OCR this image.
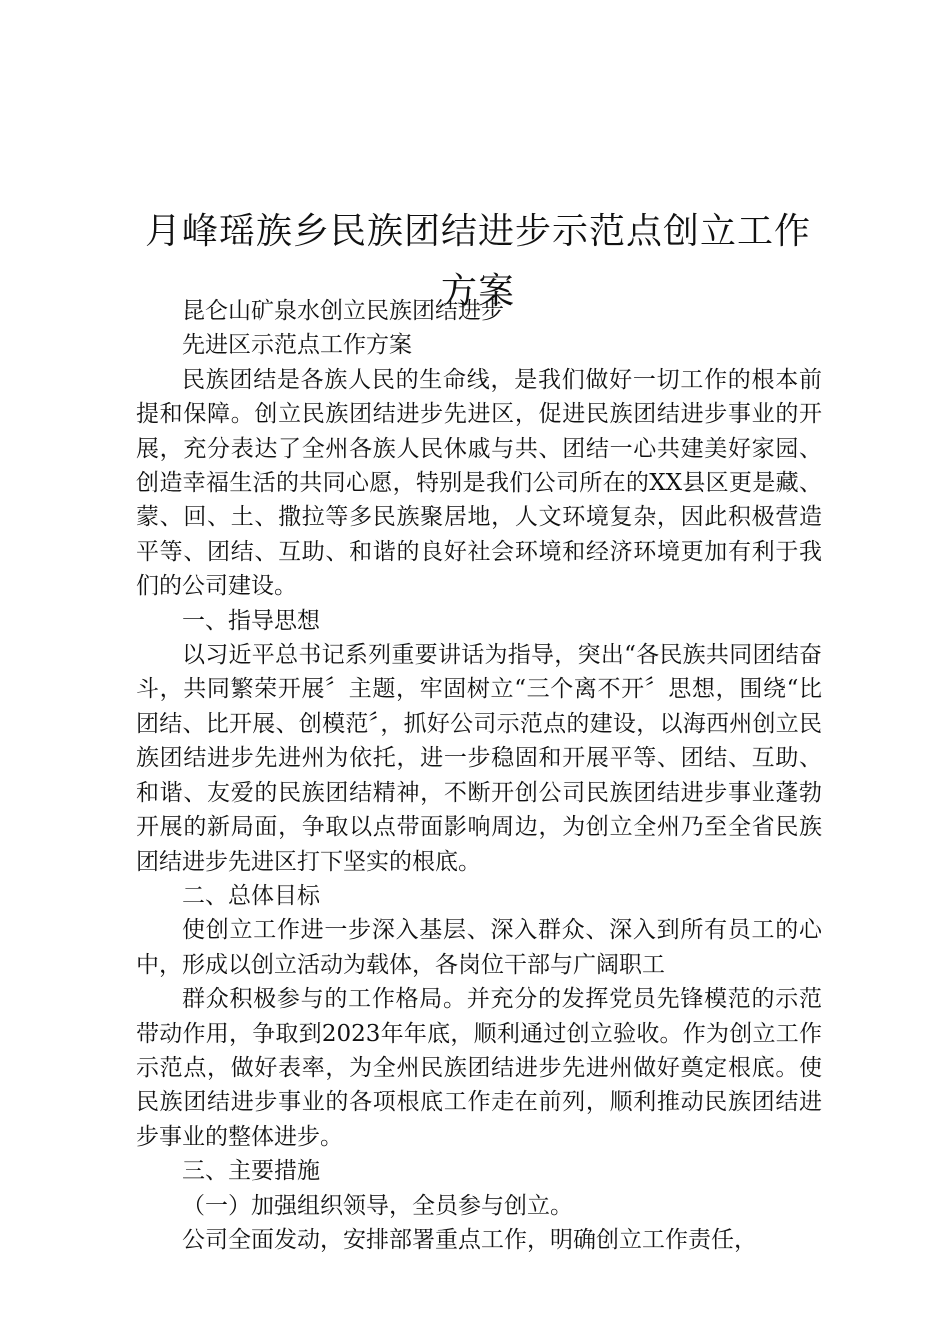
月峰瑶族乡民族团结进步示范点创立工作方案

昆仑山矿泉水创立民族团结进步

先进区示范点工作方案

民族团结是各族人民的生命线，是我们做好一切工作的根本前提和保障。创立民族团结进步先进区，促进民族团结进步事业的开展，充分表达了全州各族人民休戚与共、团结一心共建美好家园、创造幸福生活的共同心愿，特别是我们公司所在的XX县区更是藏、蒙、回、土、撒拉等多民族聚居地，人文环境复杂，因此积极营造平等、团结、互助、和谐的良好社会环境和经济环境更加有利于我们的公司建设。

一、指导思想

以习近平总书记系列重要讲话为指导，突出“各民族共同团结奋斗，共同繁荣开展〞主题，牢固树立“三个离不开〞思想，围绕“比团结、比开展、创模范〞，抓好公司示范点的建设，以海西州创立民族团结进步先进州为依托，进一步稳固和开展平等、团结、互助、和谐、友爱的民族团结精神，不断开创公司民族团结进步事业蓬勃开展的新局面，争取以点带面影响周边，为创立全州乃至全省民族团结进步先进区打下坚实的根底。

二、总体目标

使创立工作进一步深入基层、深入群众、深入到所有员工的心中，形成以创立活动为载体，各岗位干部与广阔职工

群众积极参与的工作格局。并充分的发挥党员先锋模范的示范带动作用，争取到2023年年底，顺利通过创立验收。作为创立工作示范点，做好表率，为全州民族团结进步先进州做好奠定根底。使民族团结进步事业的各项根底工作走在前列，顺利推动民族团结进步事业的整体进步。

三、主要措施

（一）加强组织领导，全员参与创立。

公司全面发动，安排部署重点工作，明确创立工作责任，
